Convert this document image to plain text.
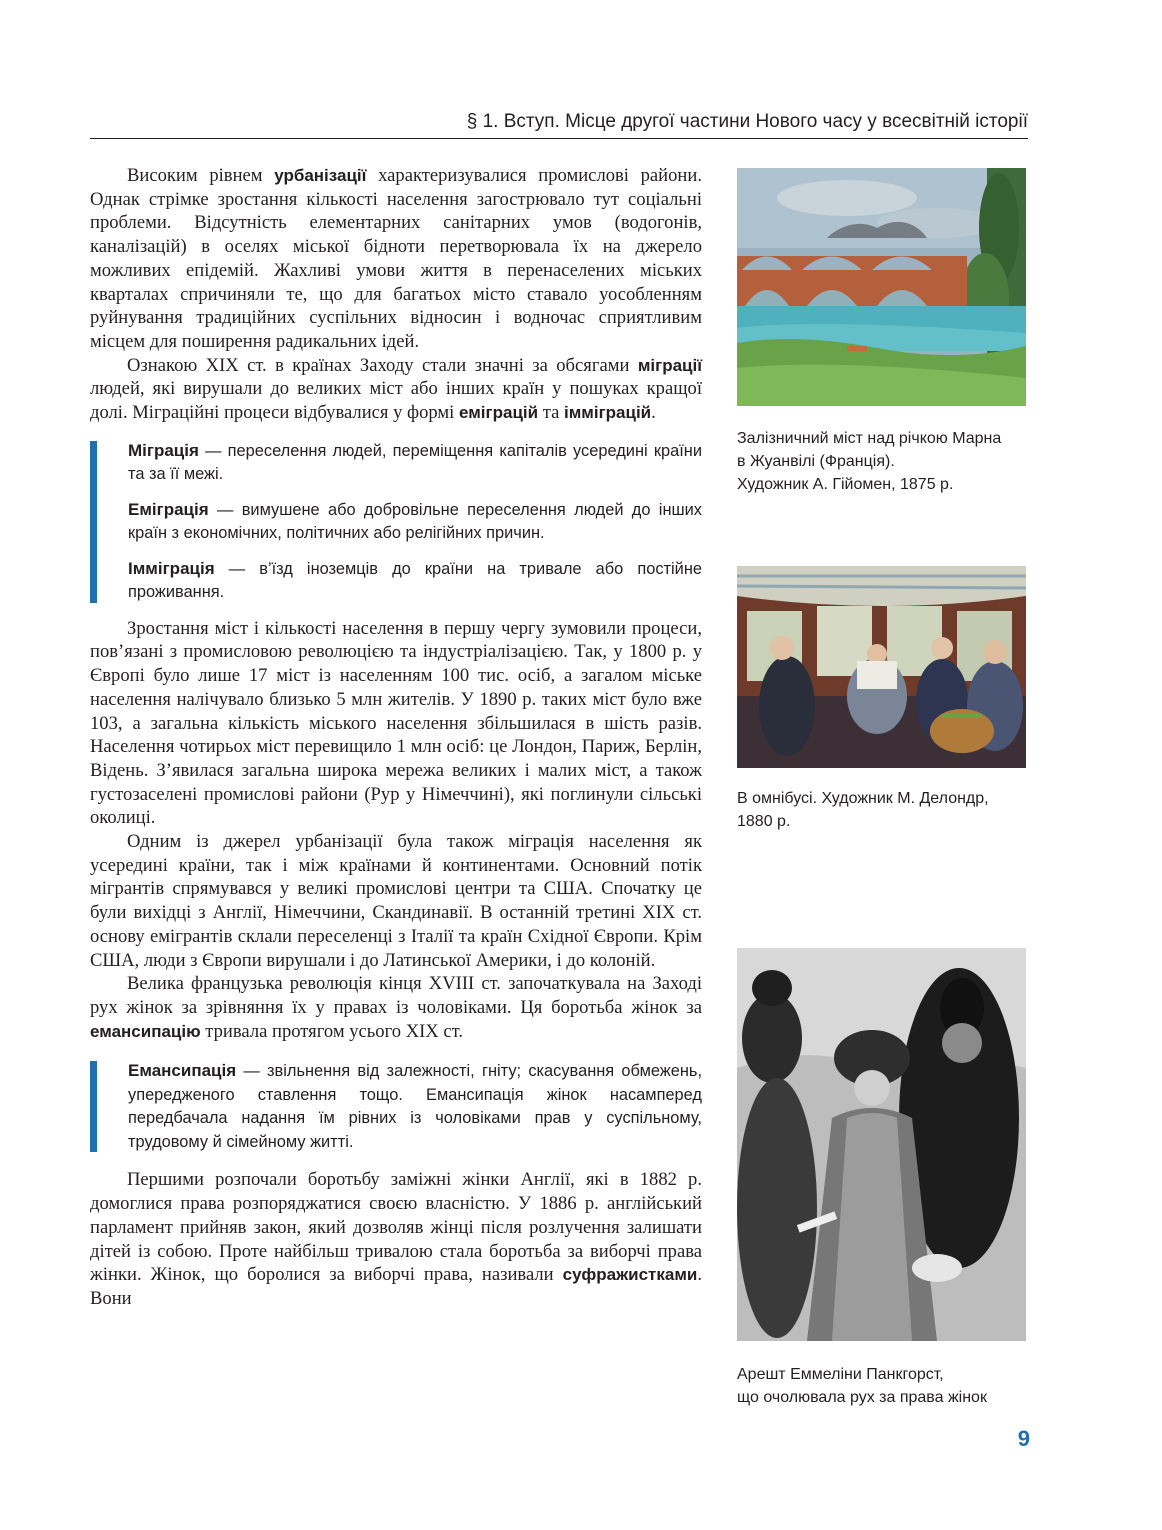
§ 1. Вступ. Місце другої частини Нового часу у всесвітній історії

Високим рівнем урбанізації характеризувалися промислові райони. Однак стрімке зростання кількості населення загострювало тут соціальні проблеми. Відсутність елементарних санітарних умов (водогонів, каналізацій) в оселях міської бідноти перетворювала їх на джерело можливих епідемій. Жахливі умови життя в перенаселених міських кварталах спричиняли те, що для багатьох місто ставало уособленням руйнування традиційних суспільних відносин і водночас сприятливим місцем для поширення радикальних ідей.

Ознакою XIX ст. в країнах Заходу стали значні за обсягами міграції людей, які вирушали до великих міст або інших країн у пошуках кращої долі. Міграційні процеси відбувалися у формі еміграцій та імміграцій.

Міграція — переселення людей, переміщення капіталів усередині країни та за її межі.
Еміграція — вимушене або добровільне переселення людей до інших країн з економічних, політичних або релігійних причин.
Імміграція — в’їзд іноземців до країни на тривале або постійне проживання.

Зростання міст і кількості населення в першу чергу зумовили процеси, пов’язані з промисловою революцією та індустріалізацією. Так, у 1800 р. у Європі було лише 17 міст із населенням 100 тис. осіб, а загалом міське населення налічувало близько 5 млн жителів. У 1890 р. таких міст було вже 103, а загальна кількість міського населення збільшилася в шість разів. Населення чотирьох міст перевищило 1 млн осіб: це Лондон, Париж, Берлін, Відень. З’явилася загальна широка мережа великих і малих міст, а також густозаселені промислові райони (Рур у Німеччині), які поглинули сільські околиці.

Одним із джерел урбанізації була також міграція населення як усередині країни, так і між країнами й континентами. Основний потік мігрантів спрямувався у великі промислові центри та США. Спочатку це були вихідці з Англії, Німеччини, Скандинавії. В останній третині XIX ст. основу емігрантів склали переселенці з Італії та країн Східної Європи. Крім США, люди з Європи вирушали і до Латинської Америки, і до колоній.

Велика французька революція кінця XVIII ст. започаткувала на Заході рух жінок за зрівняння їх у правах із чоловіками. Ця боротьба жінок за емансипацію тривала протягом усього XIX ст.

Емансипація — звільнення від залежності, гніту; скасування обмежень, упередженого ставлення тощо. Емансипація жінок насамперед передбачала надання їм рівних із чоловіками прав у суспільному, трудовому й сімейному житті.

Першими розпочали боротьбу заміжні жінки Англії, які в 1882 р. домоглися права розпоряджатися своєю власністю. У 1886 р. англійський парламент прийняв закон, який дозволяв жінці після розлучення залишати дітей із собою. Проте найбільш тривалою стала боротьба за виборчі права жінки. Жінок, що боролися за виборчі права, називали суфражистками. Вони

Залізничний міст над річкою Марна
в Жуанвілі (Франція).
Художник А. Гійомен, 1875 р.
В омнібусі. Художник М. Делондр,
1880 р.
Арешт Еммеліни Панкгорст,
що очолювала рух за права жінок
9
